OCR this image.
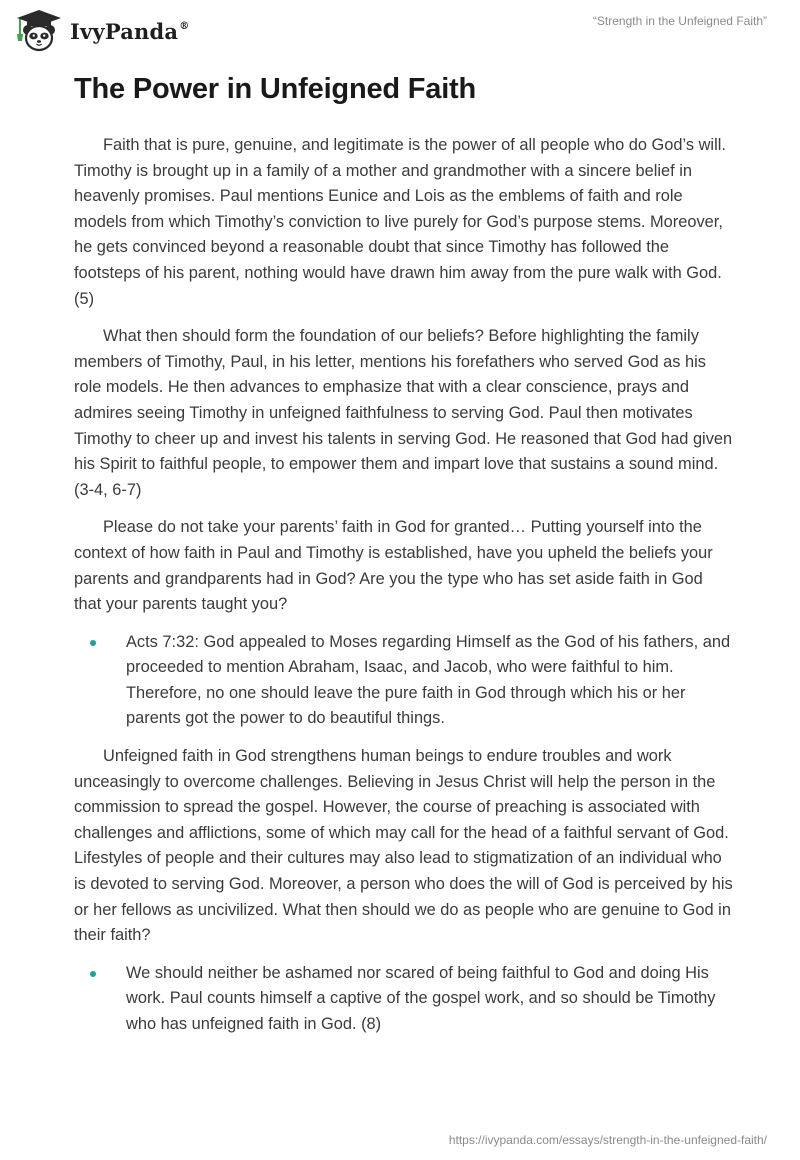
IvyPanda®	“Strength in the Unfeigned Faith”
The Power in Unfeigned Faith

Faith that is pure, genuine, and legitimate is the power of all people who do God’s will. Timothy is brought up in a family of a mother and grandmother with a sincere belief in heavenly promises. Paul mentions Eunice and Lois as the emblems of faith and role models from which Timothy’s conviction to live purely for God’s purpose stems. Moreover, he gets convinced beyond a reasonable doubt that since Timothy has followed the footsteps of his parent, nothing would have drawn him away from the pure walk with God. (5)

What then should form the foundation of our beliefs? Before highlighting the family members of Timothy, Paul, in his letter, mentions his forefathers who served God as his role models. He then advances to emphasize that with a clear conscience, prays and admires seeing Timothy in unfeigned faithfulness to serving God. Paul then motivates Timothy to cheer up and invest his talents in serving God. He reasoned that God had given his Spirit to faithful people, to empower them and impart love that sustains a sound mind. (3-4, 6-7)

Please do not take your parents’ faith in God for granted… Putting yourself into the context of how faith in Paul and Timothy is established, have you upheld the beliefs your parents and grandparents had in God? Are you the type who has set aside faith in God that your parents taught you?

Acts 7:32: God appealed to Moses regarding Himself as the God of his fathers, and proceeded to mention Abraham, Isaac, and Jacob, who were faithful to him. Therefore, no one should leave the pure faith in God through which his or her parents got the power to do beautiful things.

Unfeigned faith in God strengthens human beings to endure troubles and work unceasingly to overcome challenges. Believing in Jesus Christ will help the person in the commission to spread the gospel. However, the course of preaching is associated with challenges and afflictions, some of which may call for the head of a faithful servant of God. Lifestyles of people and their cultures may also lead to stigmatization of an individual who is devoted to serving God. Moreover, a person who does the will of God is perceived by his or her fellows as uncivilized. What then should we do as people who are genuine to God in their faith?

We should neither be ashamed nor scared of being faithful to God and doing His work. Paul counts himself a captive of the gospel work, and so should be Timothy who has unfeigned faith in God. (8)
https://ivypanda.com/essays/strength-in-the-unfeigned-faith/
